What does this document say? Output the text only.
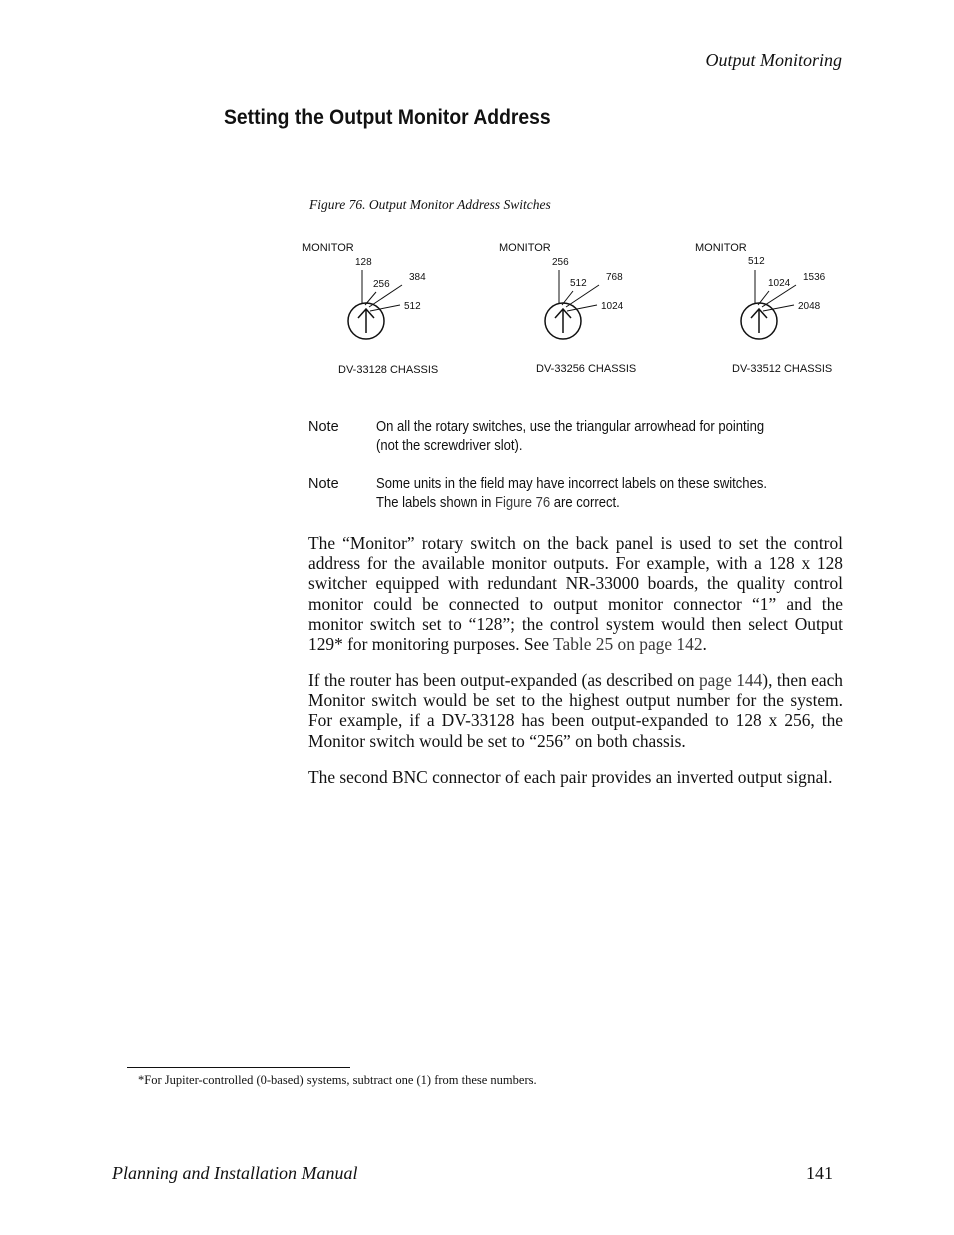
Output Monitoring
Setting the Output Monitor Address
Figure 76. Output Monitor Address Switches
MONITOR
128
256
384
512
DV-33128 CHASSIS
MONITOR
256
512
768
1024
DV-33256 CHASSIS
MONITOR
512
1024
1536
2048
DV-33512 CHASSIS
Note	On all the rotary switches, use the triangular arrowhead for pointing (not the screwdriver slot).
Note	Some units in the field may have incorrect labels on these switches. The labels shown in Figure 76 are correct.
The “Monitor” rotary switch on the back panel is used to set the control address for the available monitor outputs. For example, with a 128 x 128 switcher equipped with redundant NR-33000 boards, the quality control monitor could be connected to output monitor connector “1” and the monitor switch set to “128”; the control system would then select Output 129* for monitoring purposes. See Table 25 on page 142.
If the router has been output-expanded (as described on page 144), then each Monitor switch would be set to the highest output number for the system. For example, if a DV-33128 has been output-expanded to 128 x 256, the Monitor switch would be set to “256” on both chassis.
The second BNC connector of each pair provides an inverted output signal.
*For Jupiter-controlled (0-based) systems, subtract one (1) from these numbers.
Planning and Installation Manual	141
